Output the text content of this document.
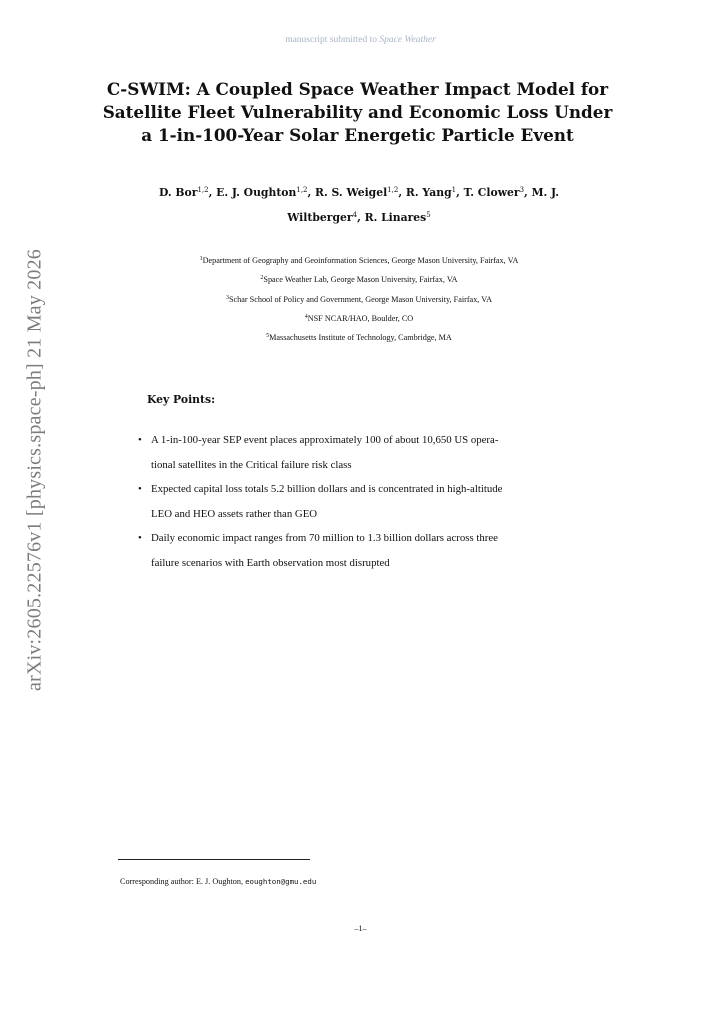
manuscript submitted to Space Weather
arXiv:2605.22576v1 [physics.space-ph] 21 May 2026
C-SWIM: A Coupled Space Weather Impact Model for
Satellite Fleet Vulnerability and Economic Loss Under
a 1-in-100-Year Solar Energetic Particle Event
D. Bor$^{1,2}$, E. J. Oughton$^{1,2}$, R. S. Weigel$^{1,2}$, R. Yang$^1$, T. Clower$^3$, M. J.
Wiltberger$^4$, R. Linares$^5$
$^1$Department of Geography and Geoinformation Sciences, George Mason University, Fairfax, VA
$^2$Space Weather Lab, George Mason University, Fairfax, VA
$^3$Schar School of Policy and Government, George Mason University, Fairfax, VA
$^4$NSF NCAR/HAO, Boulder, CO
$^5$Massachusetts Institute of Technology, Cambridge, MA
Key Points:
• A 1-in-100-year SEP event places approximately 100 of about 10,650 US opera-
tional satellites in the Critical failure risk class
• Expected capital loss totals 5.2 billion dollars and is concentrated in high-altitude
LEO and HEO assets rather than GEO
• Daily economic impact ranges from 70 million to 1.3 billion dollars across three
failure scenarios with Earth observation most disrupted
Corresponding author: E. J. Oughton, eoughton@gmu.edu
–1–
